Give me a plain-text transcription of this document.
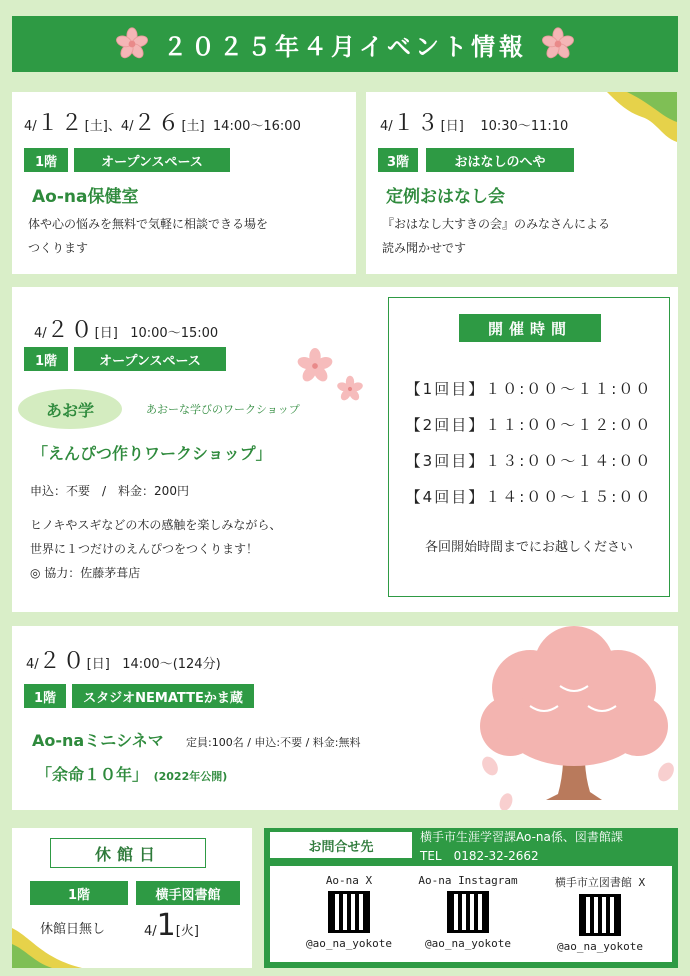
２０２５年４月イベント情報
4/１２[土]、4/２６[土] 14:00〜16:00
1階	オープンスペース
Ao-na保健室
体や心の悩みを無料で気軽に相談できる場を
つくります
4/１３[日] 10:30〜11:10
3階	おはなしのへや
定例おはなし会
『おはなし大すきの会』のみなさんによる
読み聞かせです
4/２０[日] 10:00〜15:00
1階	オープンスペース
あお学	あおーな学びのワークショップ
「えんぴつ作りワークショップ」
申込：不要　/　料金：200円
ヒノキやスギなどの木の感触を楽しみながら、
世界に１つだけのえんぴつをつくります！
◎ 協力：佐藤茅葺店
開催時間
【1回目】１０:００〜１１:００
【2回目】１１:００〜１２:００
【3回目】１３:００〜１４:００
【4回目】１４:００〜１５:００
各回開始時間までにお越しください
4/２０[日] 14:00〜(124分)
1階	スタジオNEMATTEかま蔵
Ao-naミニシネマ 定員:100名 / 申込:不要 / 料金:無料
「余命１０年」 (2022年公開)
休館日
1階	横手図書館
休館日無し	4/1[火]
お問合せ先
横手市生涯学習課Ao-na係、図書館課
TEL　0182-32-2662
Ao-na X
@ao_na_yokote
Ao-na Instagram
@ao_na_yokote
横手市立図書館 X
@ao_na_yokote
